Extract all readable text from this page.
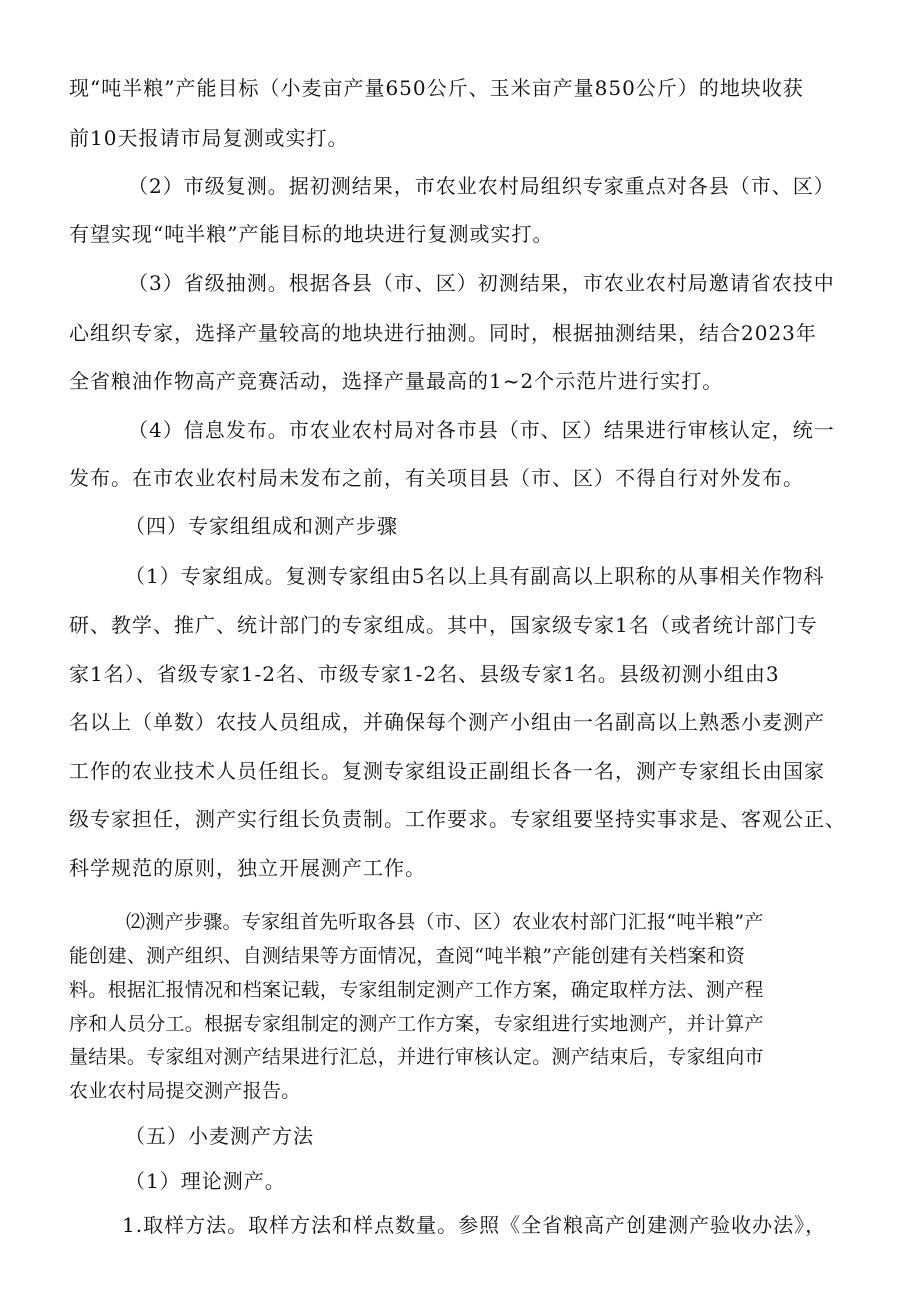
现“吨半粮”产能目标（小麦亩产量650公斤、玉米亩产量850公斤）的地块收获
前10天报请市局复测或实打。
（2）市级复测。据初测结果，市农业农村局组织专家重点对各县（市、区）
有望实现“吨半粮”产能目标的地块进行复测或实打。
（3）省级抽测。根据各县（市、区）初测结果，市农业农村局邀请省农技中
心组织专家，选择产量较高的地块进行抽测。同时，根据抽测结果，结合2023年
全省粮油作物高产竞赛活动，选择产量最高的1~2个示范片进行实打。
（4）信息发布。市农业农村局对各市县（市、区）结果进行审核认定，统一
发布。在市农业农村局未发布之前，有关项目县（市、区）不得自行对外发布。
（四）专家组组成和测产步骤
（1）专家组成。复测专家组由5名以上具有副高以上职称的从事相关作物科
研、教学、推广、统计部门的专家组成。其中，国家级专家1名（或者统计部门专
家1名）、省级专家1-2名、市级专家1-2名、县级专家1名。县级初测小组由3
名以上（单数）农技人员组成，并确保每个测产小组由一名副高以上熟悉小麦测产
工作的农业技术人员任组长。复测专家组设正副组长各一名，测产专家组长由国家
级专家担任，测产实行组长负责制。工作要求。专家组要坚持实事求是、客观公正、
科学规范的原则，独立开展测产工作。
⑵测产步骤。专家组首先听取各县（市、区）农业农村部门汇报“吨半粮”产
能创建、测产组织、自测结果等方面情况，查阅“吨半粮”产能创建有关档案和资
料。根据汇报情况和档案记载，专家组制定测产工作方案，确定取样方法、测产程
序和人员分工。根据专家组制定的测产工作方案，专家组进行实地测产，并计算产
量结果。专家组对测产结果进行汇总，并进行审核认定。测产结束后，专家组向市
农业农村局提交测产报告。
（五）小麦测产方法
（1）理论测产。
1.取样方法。取样方法和样点数量。参照《全省粮高产创建测产验收办法》，
